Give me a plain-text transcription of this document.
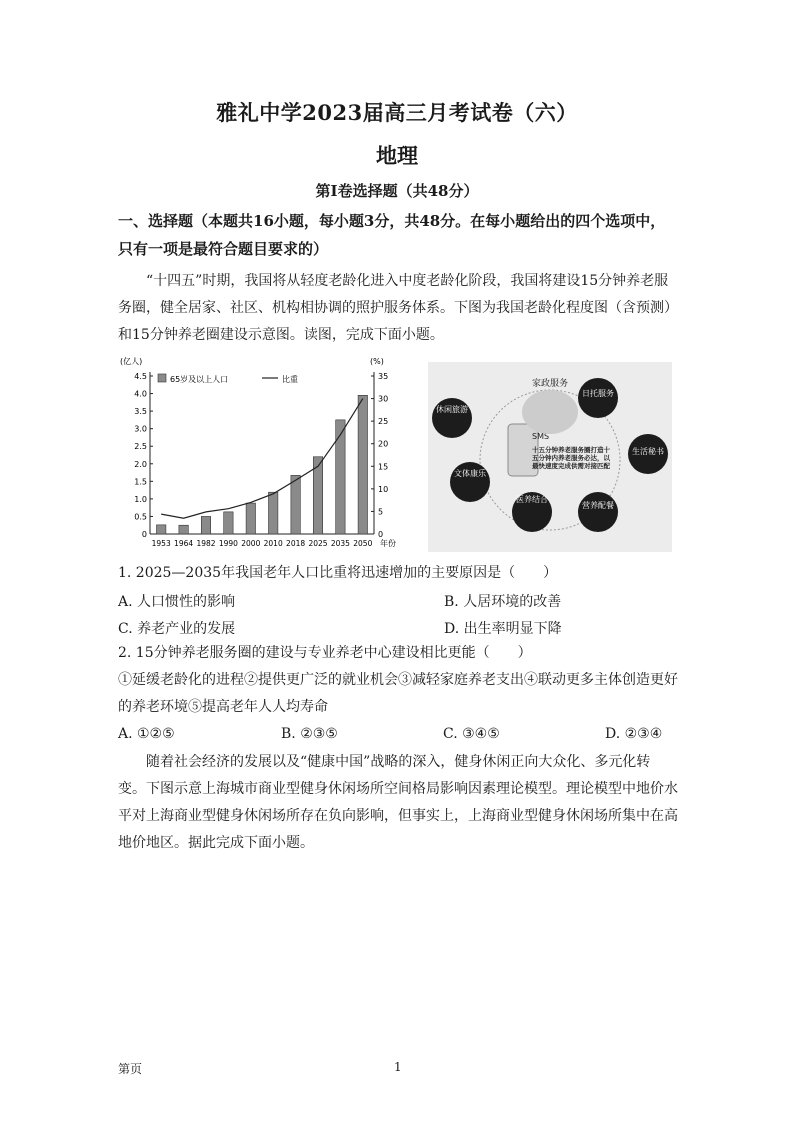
雅礼中学2023届高三月考试卷（六）
地理
第Ⅰ卷选择题（共48分）
一、选择题（本题共16小题，每小题3分，共48分。在每小题给出的四个选项中，只有一项是最符合题目要求的）
“十四五”时期，我国将从轻度老龄化进入中度老龄化阶段，我国将建设15分钟养老服务圈，健全居家、社区、机构相协调的照护服务体系。下图为我国老龄化程度图（含预测）和15分钟养老圈建设示意图。读图，完成下面小题。
0
0.5
1.0
1.5
2.0
2.5
3.0
3.5
4.0
4.5
0
5
10
15
20
25
30
35
(亿人)	(%)
1953 1964 1982 1990 2000 2010 2018 2025 2035 2050 年份
65岁及以上人口	比重
SMS
十五分钟养老服务圈打造十五分钟内养老服务必达，以最快速度完成供需对接匹配
家政服务
日托服务
生活秘书
营养配餐
医养结合
文体康乐
休闲旅游
1. 2025—2035年我国老年人口比重将迅速增加的主要原因是（　　）
A. 人口惯性的影响	B. 人居环境的改善
C. 养老产业的发展	D. 出生率明显下降
2. 15分钟养老服务圈的建设与专业养老中心建设相比更能（　　）
①延缓老龄化的进程②提供更广泛的就业机会③减轻家庭养老支出④联动更多主体创造更好的养老环境⑤提高老年人人均寿命
A. ①②⑤	B. ②③⑤	C. ③④⑤	D. ②③④
随着社会经济的发展以及“健康中国”战略的深入，健身休闲正向大众化、多元化转变。下图示意上海城市商业型健身休闲场所空间格局影响因素理论模型。理论模型中地价水平对上海商业型健身休闲场所存在负向影响，但事实上，上海商业型健身休闲场所集中在高地价地区。据此完成下面小题。
第页	1
